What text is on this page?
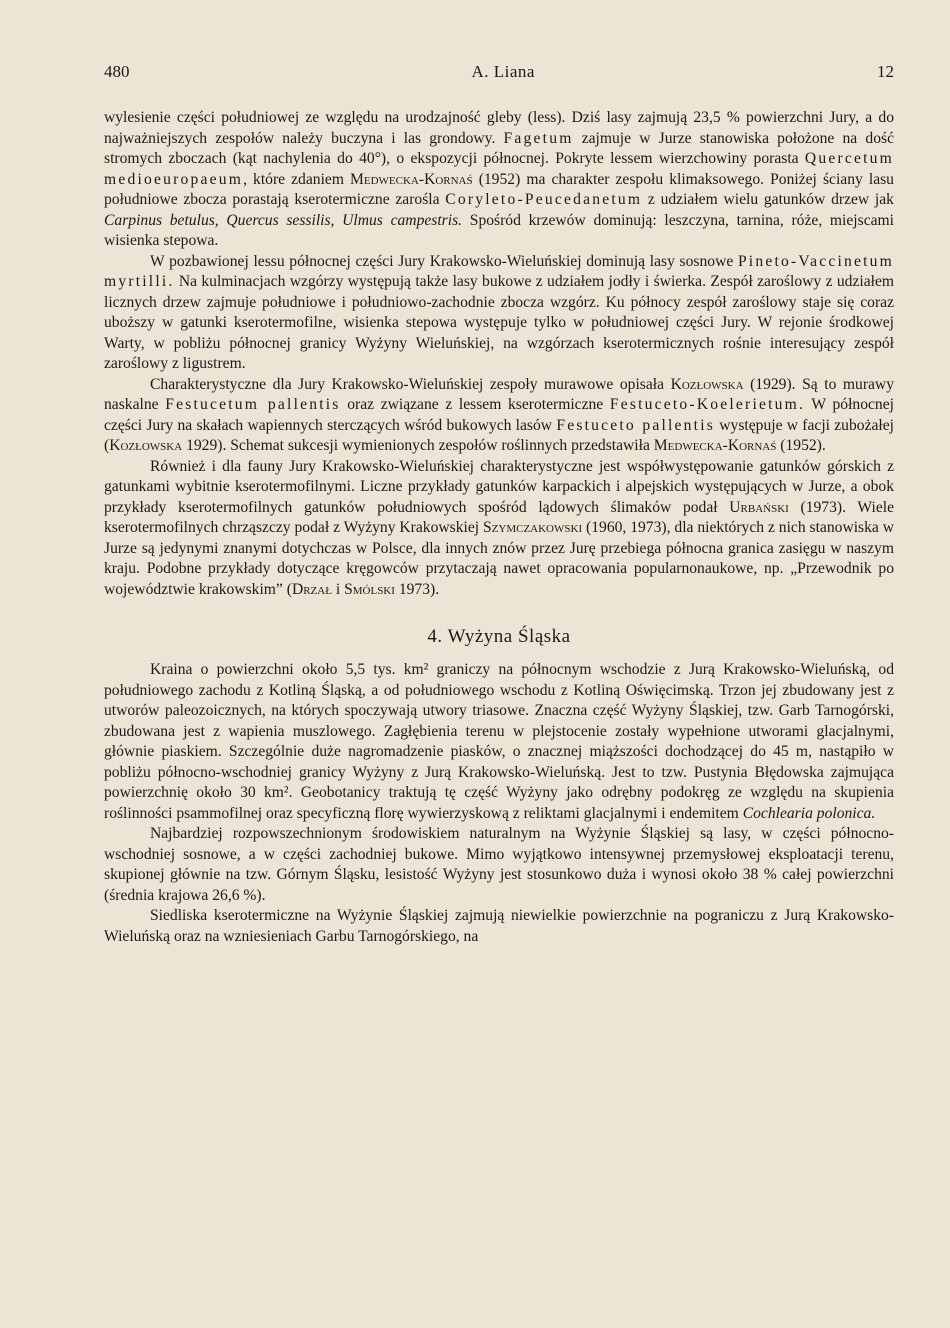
480	A. Liana	12

wylesienie części południowej ze względu na urodzajność gleby (less). Dziś lasy zajmują 23,5 % powierzchni Jury, a do najważniejszych zespołów należy buczyna i las grondowy. Fagetum zajmuje w Jurze stanowiska położone na dość stromych zboczach (kąt nachylenia do 40°), o ekspozycji północnej. Pokryte lessem wierzchowiny porasta Quercetum medioeuropaeum, które zdaniem Medwecka-Kornaś (1952) ma charakter zespołu klimaksowego. Poniżej ściany lasu południowe zbocza porastają kserotermiczne zarośla Coryleto-Peucedanetum z udziałem wielu gatunków drzew jak Carpinus betulus, Quercus sessilis, Ulmus campestris. Spośród krzewów dominują: leszczyna, tarnina, róże, miejscami wisienka stepowa.

W pozbawionej lessu północnej części Jury Krakowsko-Wieluńskiej dominują lasy sosnowe Pineto-Vaccinetum myrtilli. Na kulminacjach wzgórzy występują także lasy bukowe z udziałem jodły i świerka. Zespół zaroślowy z udziałem licznych drzew zajmuje południowe i południowo-zachodnie zbocza wzgórz. Ku północy zespół zaroślowy staje się coraz uboższy w gatunki kserotermofilne, wisienka stepowa występuje tylko w południowej części Jury. W rejonie środkowej Warty, w pobliżu północnej granicy Wyżyny Wieluńskiej, na wzgórzach kserotermicznych rośnie interesujący zespół zaroślowy z ligustrem.

Charakterystyczne dla Jury Krakowsko-Wieluńskiej zespoły murawowe opisała Kozłowska (1929). Są to murawy naskalne Festucetum pallentis oraz związane z lessem kserotermiczne Festuceto-Koelerietum. W północnej części Jury na skałach wapiennych sterczących wśród bukowych lasów Festuceto pallentis występuje w facji zubożałej (Kozłowska 1929). Schemat sukcesji wymienionych zespołów roślinnych przedstawiła Medwecka-Kornaś (1952).

Również i dla fauny Jury Krakowsko-Wieluńskiej charakterystyczne jest współwystępowanie gatunków górskich z gatunkami wybitnie kserotermofilnymi. Liczne przykłady gatunków karpackich i alpejskich występujących w Jurze, a obok przykłady kserotermofilnych gatunków południowych spośród lądowych ślimaków podał Urbański (1973). Wiele kserotermofilnych chrząszczy podał z Wyżyny Krakowskiej Szymczakowski (1960, 1973), dla niektórych z nich stanowiska w Jurze są jedynymi znanymi dotychczas w Polsce, dla innych znów przez Jurę przebiega północna granica zasięgu w naszym kraju. Podobne przykłady dotyczące kręgowców przytaczają nawet opracowania popularnonaukowe, np. „Przewodnik po województwie krakowskim” (Drzał i Smólski 1973).

4. Wyżyna Śląska

Kraina o powierzchni około 5,5 tys. km² graniczy na północnym wschodzie z Jurą Krakowsko-Wieluńską, od południowego zachodu z Kotliną Śląską, a od południowego wschodu z Kotliną Oświęcimską. Trzon jej zbudowany jest z utworów paleozoicznych, na których spoczywają utwory triasowe. Znaczna część Wyżyny Śląskiej, tzw. Garb Tarnogórski, zbudowana jest z wapienia muszlowego. Zagłębienia terenu w plejstocenie zostały wypełnione utworami glacjalnymi, głównie piaskiem. Szczególnie duże nagromadzenie piasków, o znacznej miąższości dochodzącej do 45 m, nastąpiło w pobliżu północno-wschodniej granicy Wyżyny z Jurą Krakowsko-Wieluńską. Jest to tzw. Pustynia Błędowska zajmująca powierzchnię około 30 km². Geobotanicy traktują tę część Wyżyny jako odrębny podokręg ze względu na skupienia roślinności psammofilnej oraz specyficzną florę wywierzyskową z reliktami glacjalnymi i endemitem Cochlearia polonica.

Najbardziej rozpowszechnionym środowiskiem naturalnym na Wyżynie Śląskiej są lasy, w części północno-wschodniej sosnowe, a w części zachodniej bukowe. Mimo wyjątkowo intensywnej przemysłowej eksploatacji terenu, skupionej głównie na tzw. Górnym Śląsku, lesistość Wyżyny jest stosunkowo duża i wynosi około 38 % całej powierzchni (średnia krajowa 26,6 %).

Siedliska kserotermiczne na Wyżynie Śląskiej zajmują niewielkie powierzchnie na pograniczu z Jurą Krakowsko-Wieluńską oraz na wzniesieniach Garbu Tarnogórskiego, na
